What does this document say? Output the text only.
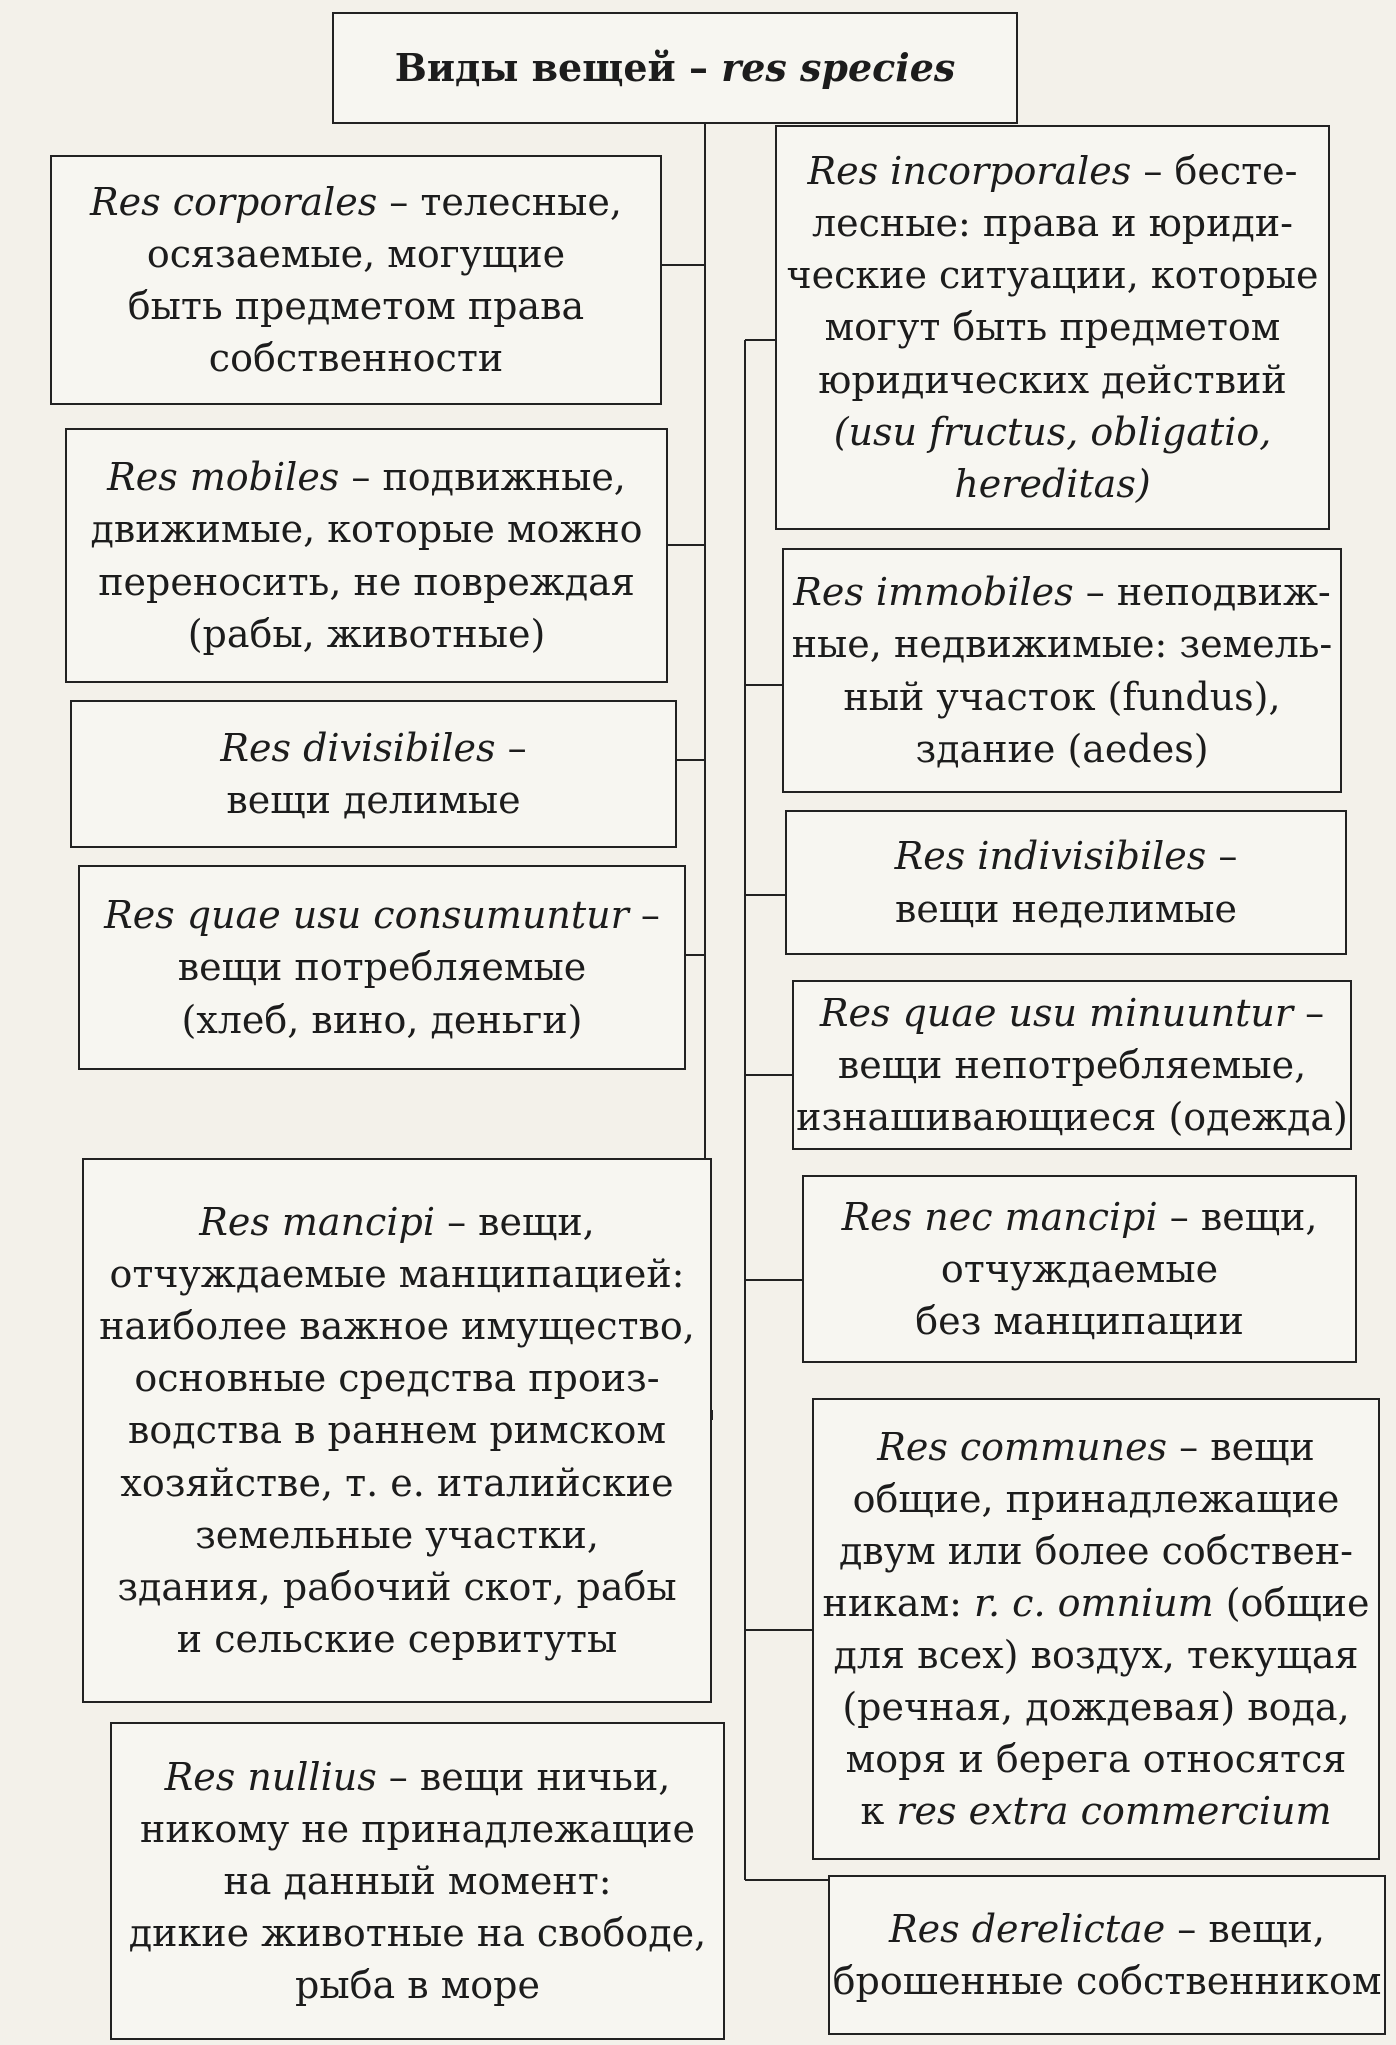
Виды вещей – res species
Res corporales – телесные,
осязаемые, могущие
быть предметом права
собственности
Res mobiles – подвижные,
движимые, которые можно
переносить, не повреждая
(рабы, животные)
Res divisibiles –
вещи делимые
Res quae usu consumuntur –
вещи потребляемые
(хлеб, вино, деньги)
Res mancipi – вещи,
отчуждаемые манципацией:
наиболее важное имущество,
основные средства произ-
водства в раннем римском
хозяйстве, т. е. италийские
земельные участки,
здания, рабочий скот, рабы
и сельские сервитуты
Res nullius – вещи ничьи,
никому не принадлежащие
на данный момент:
дикие животные на свободе,
рыба в море
Res incorporales – бесте-
лесные: права и юриди-
ческие ситуации, которые
могут быть предметом
юридических действий
(usu fructus, obligatio,
hereditas)
Res immobiles – неподвиж-
ные, недвижимые: земель-
ный участок (fundus),
здание (aedes)
Res indivisibiles –
вещи неделимые
Res quae usu minuuntur –
вещи непотребляемые,
изнашивающиеся (одежда)
Res nec mancipi – вещи,
отчуждаемые
без манципации
Res communes – вещи
общие, принадлежащие
двум или более собствен-
никам: r. c. omnium (общие
для всех) воздух, текущая
(речная, дождевая) вода,
моря и берега относятся
к res extra commercium
Res derelictae – вещи,
брошенные собственником
